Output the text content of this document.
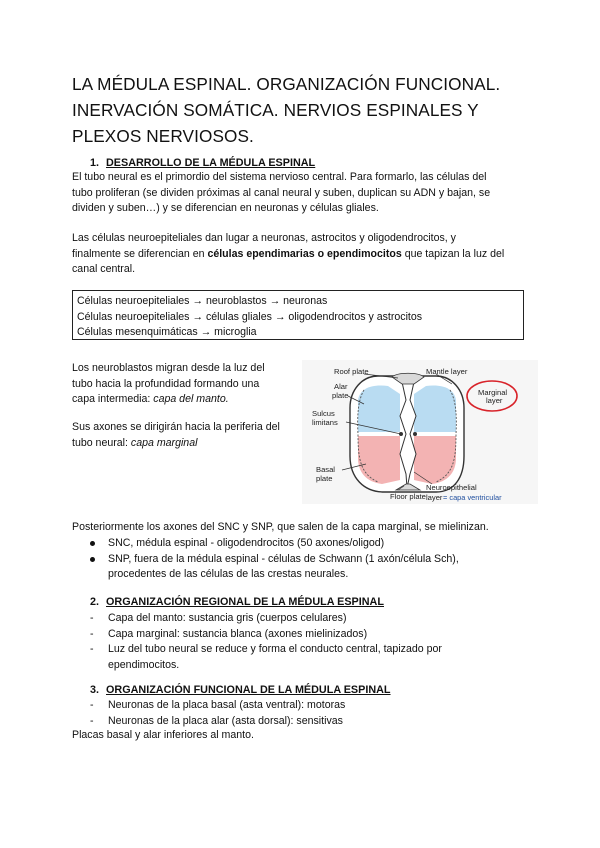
LA MÉDULA ESPINAL. ORGANIZACIÓN FUNCIONAL.
INERVACIÓN SOMÁTICA. NERVIOS ESPINALES Y
PLEXOS NERVIOSOS.
1. DESARROLLO DE LA MÉDULA ESPINAL
El tubo neural es el primordio del sistema nervioso central. Para formarlo, las células del
tubo proliferan (se dividen próximas al canal neural y suben, duplican su ADN y bajan, se
dividen y suben…) y se diferencian en neuronas y células gliales.
Las células neuroepiteliales dan lugar a neuronas, astrocitos y oligodendrocitos, y
finalmente se diferencian en células ependimarias o ependimocitos que tapizan la luz del
canal central.
Células neuroepiteliales → neuroblastos → neuronas
Células neuroepiteliales → células gliales → oligodendrocitos y astrocitos
Células mesenquimáticas → microglia
Los neuroblastos migran desde la luz del
tubo hacia la profundidad formando una
capa intermedia: capa del manto.
Sus axones se dirigirán hacia la periferia del
tubo neural: capa marginal
Roof plate
Alar
plate
Sulcus
limitans
Basal
plate
Floor plate
Mantle layer
Marginal
layer
Neuroepithelial
layer = capa ventricular
Posteriormente los axones del SNC y SNP, que salen de la capa marginal, se mielinizan.
SNC, médula espinal - oligodendrocitos (50 axones/oligod)
SNP, fuera de la médula espinal - células de Schwann (1 axón/célula Sch),
procedentes de las células de las crestas neurales.
2. ORGANIZACIÓN REGIONAL DE LA MÉDULA ESPINAL
- Capa del manto: sustancia gris (cuerpos celulares)
- Capa marginal: sustancia blanca (axones mielinizados)
- Luz del tubo neural se reduce y forma el conducto central, tapizado por
ependimocitos.
3. ORGANIZACIÓN FUNCIONAL DE LA MÉDULA ESPINAL
- Neuronas de la placa basal (asta ventral): motoras
- Neuronas de la placa alar (asta dorsal): sensitivas
Placas basal y alar inferiores al manto.
